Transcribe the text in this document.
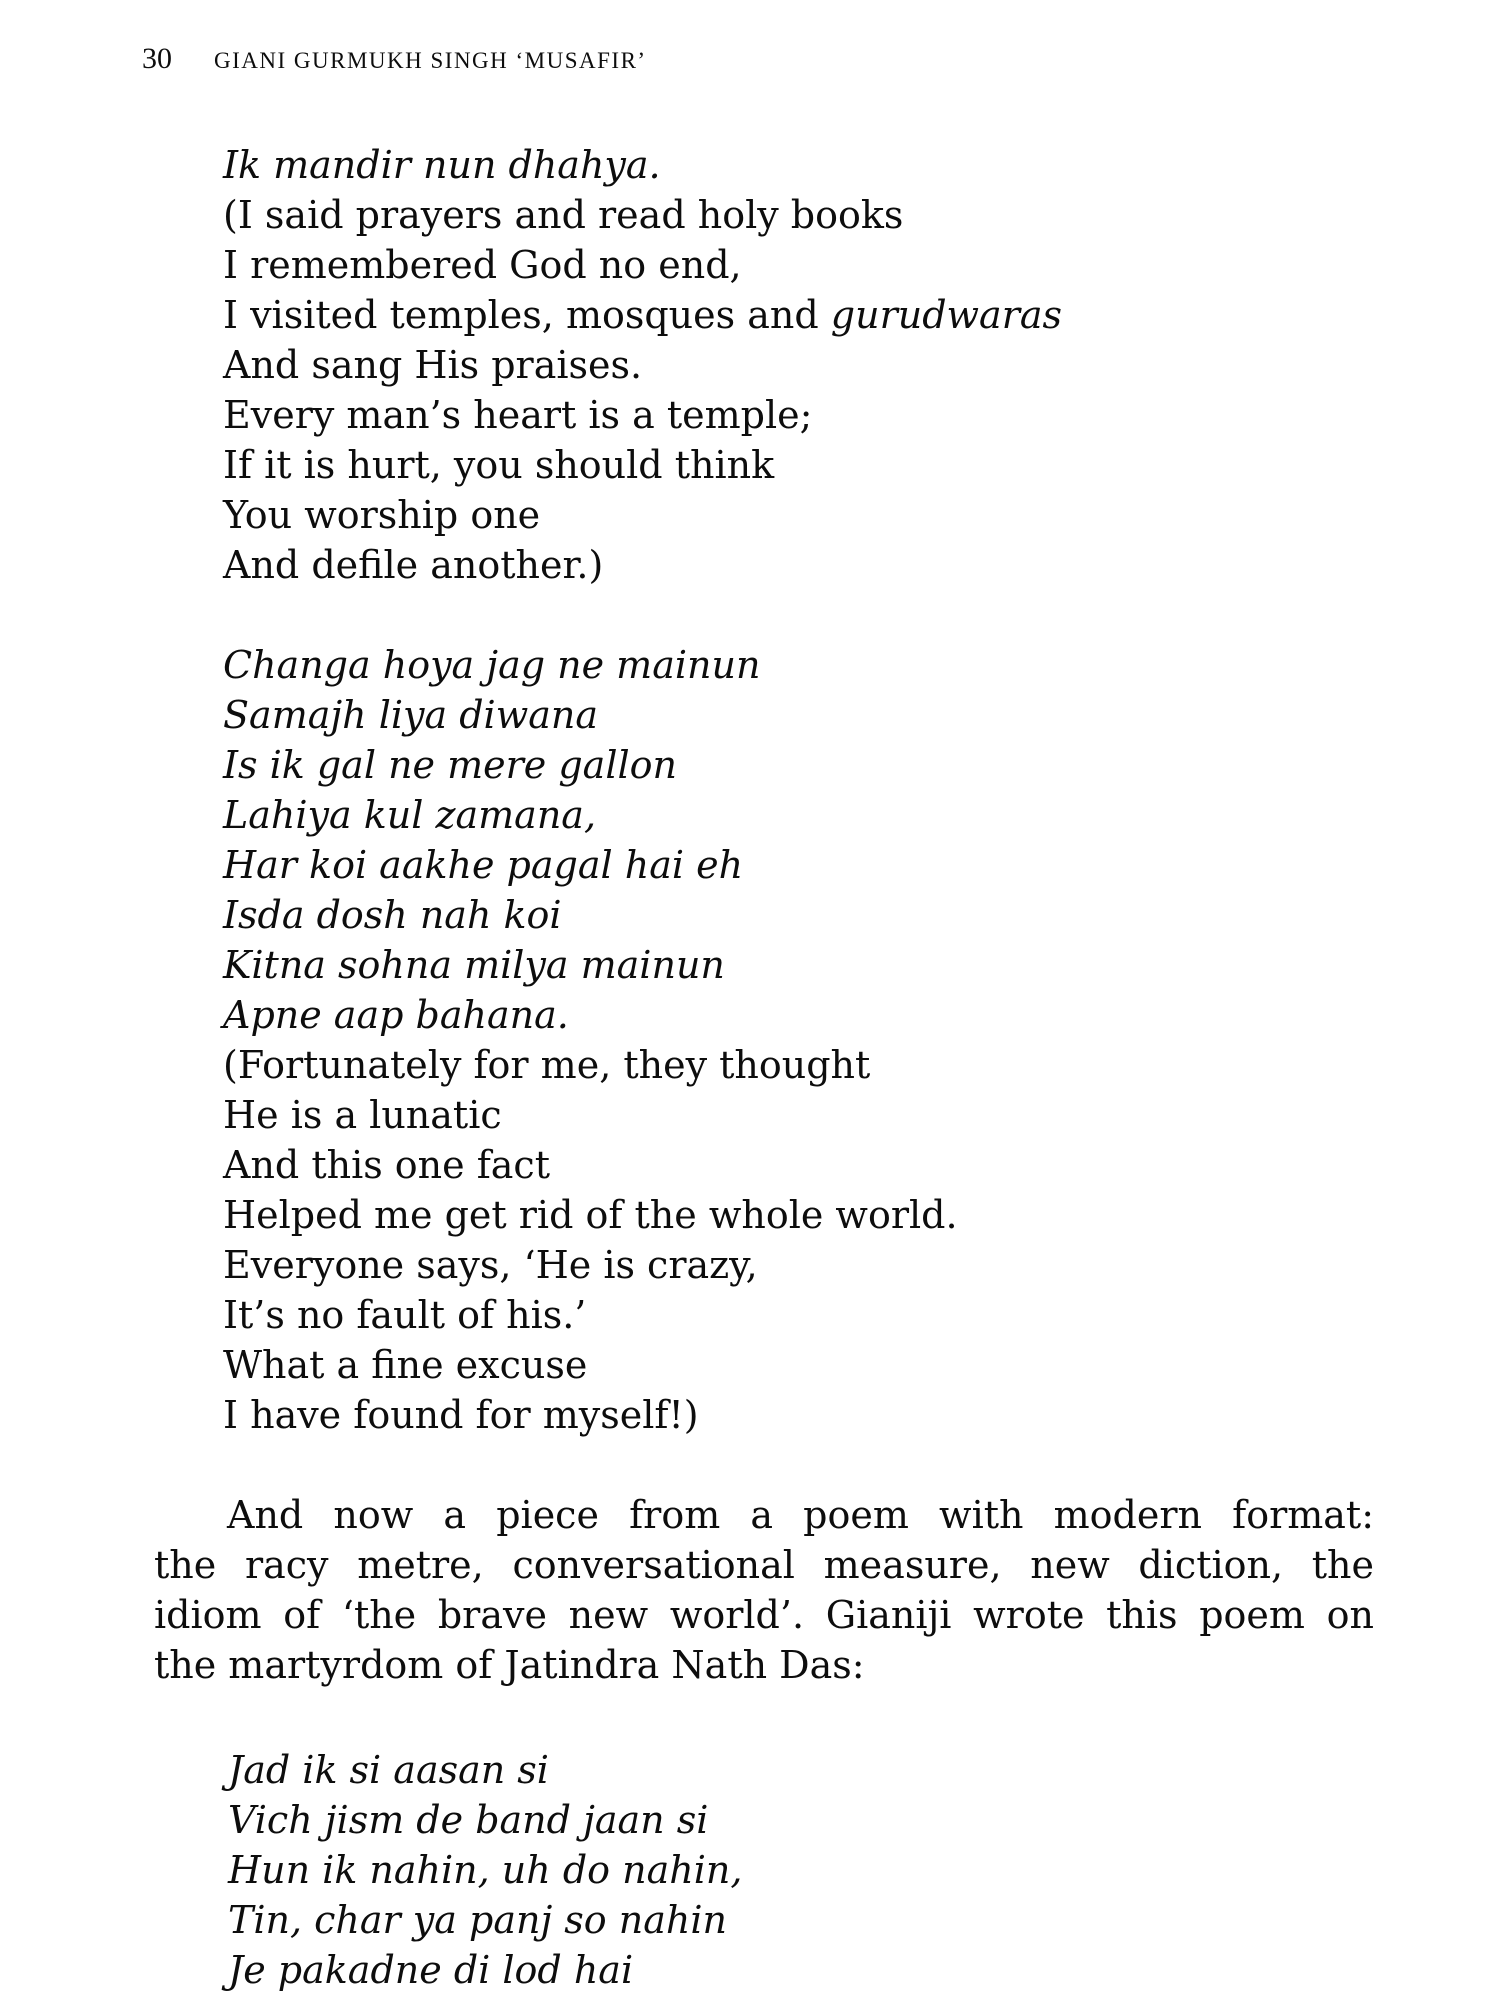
30 GIANI GURMUKH SINGH ‘MUSAFIR’
Ik mandir nun dhahya.
(I said prayers and read holy books
I remembered God no end,
I visited temples, mosques and gurudwaras
And sang His praises.
Every man’s heart is a temple;
If it is hurt, you should think
You worship one
And defile another.)
Changa hoya jag ne mainun
Samajh liya diwana
Is ik gal ne mere gallon
Lahiya kul zamana,
Har koi aakhe pagal hai eh
Isda dosh nah koi
Kitna sohna milya mainun
Apne aap bahana.
(Fortunately for me, they thought
He is a lunatic
And this one fact
Helped me get rid of the whole world.
Everyone says, ‘He is crazy,
It’s no fault of his.’
What a fine excuse
I have found for myself!)

And now a piece from a poem with modern format:
the racy metre, conversational measure, new diction, the
idiom of ‘the brave new world’. Gianiji wrote this poem on
the martyrdom of Jatindra Nath Das:

Jad ik si aasan si
Vich jism de band jaan si
Hun ik nahin, uh do nahin,
Tin, char ya panj so nahin
Je pakadne di lod hai
